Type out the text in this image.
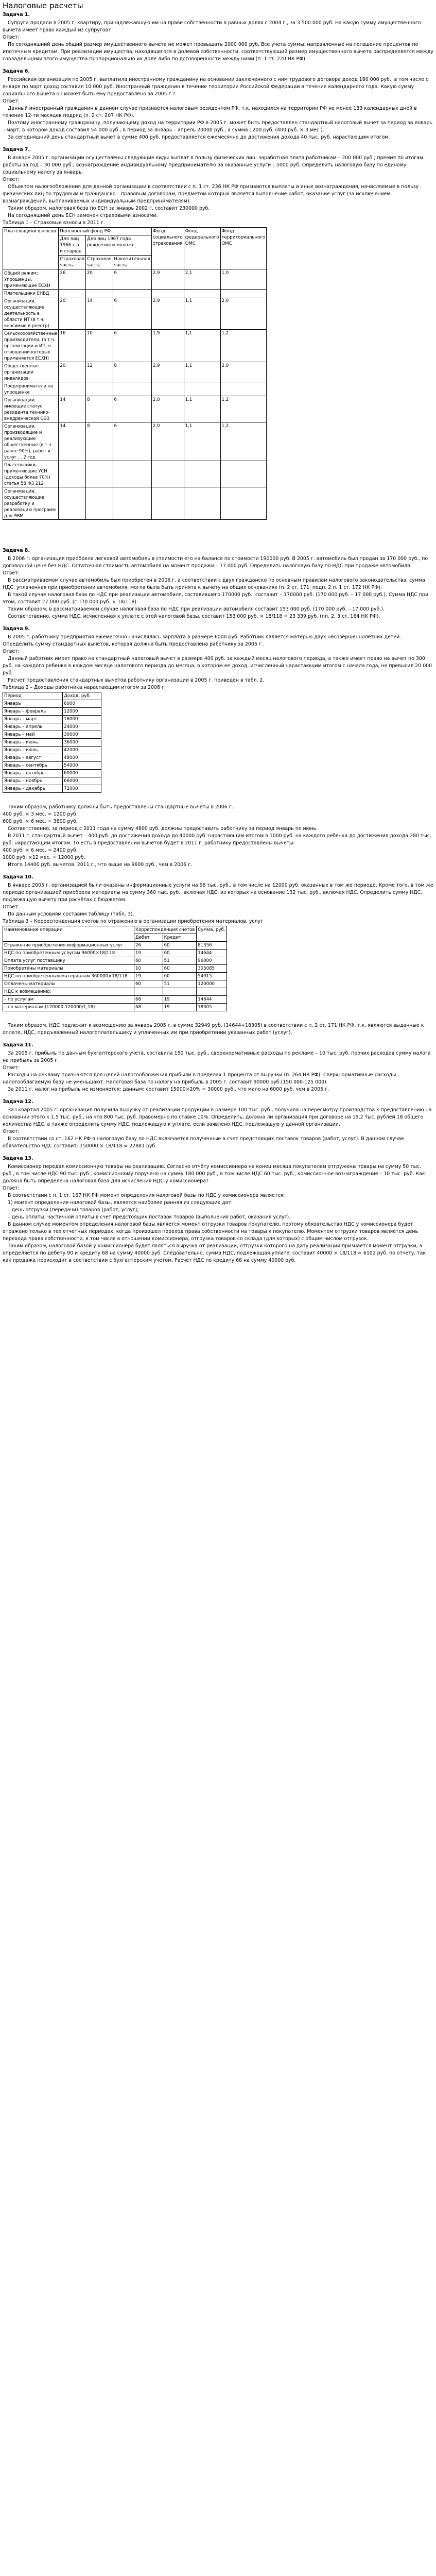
Налоговые расчеты

Задача 1.

Супруги продали в 2005 г. квартиру, принадлежавшую им на праве собственности в равных долях с 2004 г., за 3 500 000 руб. На какую сумму имущественного вычета имеет право каждый из супругов?

Ответ:

По сегодняшний день общий размер имущественного вычета не может превышать 2000 000 руб. Все учета суммы, направленные на погашение процентов по ипотечным кредитам. При реализации имущества, находящегося в долевой собственности, соответствующий размер имущественного вычета распределяется между совладельцами этого имущества пропорционально их доле либо по договоренности между ними (п. 1 ст. 220 НК РФ).

Задача 6.

Российская организация по 2005 г. выплатила иностранному гражданину на основании заключенного с ним трудового договора доход 180 000 руб., в том числе с января по март доход составил 10 000 руб. Иностранный гражданин в течение территории Российской Федерации в течение календарного года. Какую сумму социального вычета он может быть ему предоставлено за 2005 г.?

Ответ:

Данный иностранный гражданин в данном случае признается налоговым резидентом РФ, т.к. находился на территории РФ не менее 183 календарных дней в течение 12-ти месяцев подряд (п. 2 ст. 207 НК РФ).

Поэтому иностранному гражданину, получающему доход на территории РФ в 2005 г. может быть предоставлен стандартный налоговый вычет за период за январь – март, в котором доход составил 54 000 руб., в период за январь – апрель 20000 руб., а сумма 1200 руб. (400 руб. × 3 мес.).

За сегодняшний день стандартный вычет в сумме 400 руб. предоставляется ежемесячно до достижения дохода 40 тыс. руб. нарастающим итогом.

Задача 7.

В январе 2005 г. организации осуществлены следующие виды выплат в пользу физических лиц: заработная плата работникам – 200 000 руб.; премия по итогам работы за год – 30 000 руб.; вознаграждение индивидуальному предпринимателю за оказанные услуги – 5000 руб. Определить налоговую базу по единому социальному налогу за январь.

Ответ:

Объектом налогообложения для данной организации в соответствии с п. 1 ст. 236 НК РФ признаются выплаты и иные вознаграждения, начисляемые в пользу физических лиц по трудовым и гражданско – правовым договорам, предметом которых является выполнение работ, оказание услуг (за исключением вознаграждений, выплачиваемых индивидуальным предпринимателям).

Таким образом, налоговая база по ЕСН за январь 2002 г. составит 230000 руб.

На сегодняшний день ЕСН заменен страховыми взносами.

Таблица 1 – Страховые взносы в 2011 г.

Плательщики взносов	Пенсионный фонд РФ			Фонд социального страхования	Фонд федерального ОМС	Фонд территориального ОМС
	Для лиц 1966 г.р. и старше	Для лиц 1967 года рождения и моложе				
	Страховая часть	Страховая часть	Накопительная часть			
Общий режим; Упрощенцы, применяющие ЕСХН	26	20	6	2,9	2,1	1,0
Плательщики ЕНВД						
Организации, осуществляющие деятельность в области ИТ (в т.ч. вносимые в реестр)	20	14	6	2,9	1,1	2,0
Сельскохозяйственные производители, (в т.ч. организации и ИП, в отношении которых применяется ЕСХН)	16	10	6	1,9	1,1	1,2
Общественные организации инвалидов	20	12	8	2,9	1,1	2,0
Предприниматели на упрощенке						
Организации, имеющие статус резидента технико-внедренческой ОЭЗ	14	8	6	2,0	1,1	1,2
Организации, производящие и реализующие общественные (в т.ч. ранее 90%), работ и услуг ... 2 год	14	8	6	2,0	1,1	1,2
Плательщики, применяющие УСН (доходы более 70%) статья 58 ФЗ 212						
Организации, осуществляющие разработку и реализацию программ для ЭВМ						

Задача 8.

В 2006 г. организация приобрела легковой автомобиль в стоимости его на балансе по стоимости 190000 руб. В 2005 г. автомобиль был продан за 170 000 руб., по договорной цене без НДС. Остаточная стоимость автомобиля на момент продажи – 17 000 руб. Определить налоговую базу по НДС при продаже автомобиля.

Ответ:

В рассматриваемом случае автомобиль был приобретен в 2006 г. а соответствии с двух гражданско по основным правилам налогового законодательства, сумма НДС, уплаченная при приобретении автомобиля, могла была быть принята к вычету на общих основаниях (п. 2 ст. 171, подп. 2 п. 1 ст. 172 НК РФ).

В такой случае налоговая база по НДС при реализации автомобиля, составившего 170000 руб., составит – 170000 руб. (170 000 руб. – 17 000 руб.). Сумма НДС при этом, составит 27 000 руб. (с 170 000 руб. × 18/118).

Таким образом, в рассматриваемом случае налоговая база по НДС при реализации автомобиля составит 153 000 руб. (170 000 руб. – 17 000 руб.).

Соответственно, сумма НДС, исчисленная к уплате с этой налоговой базы, составит 153 000 руб. × 18/118 = 23 339 руб. (пп. 2, 3 ст. 164 НК РФ).

Задача 9.

В 2005 г. работнику предприятия ежемесячно начислялась зарплата в размере 6000 руб. Работник является матерью двух несовершеннолетних детей. Определить сумму стандартных вычетов, которая должна быть предоставлена работнику за 2005 г.

Ответ:

Данный работник имеет право на стандартный налоговый вычет в размере 400 руб. за каждый месяц налогового периода, а также имеет право на вычет по 300 руб. на каждого ребенка в каждом месяце налогового периода до месяца, в котором ее доход, исчисленный нарастающим итогом с начала года, не превысил 20 000 руб.

Расчет предоставления стандартных вычетов работнику организации в 2005 г. приведен в табл. 2.

Таблица 2 – Доходы работника нарастающим итогом за 2006 г.

Период	Доход, руб.
Январь	6000
Январь – февраль	12000
Январь – март	18000
Январь – апрель	24000
Январь – май	30000
Январь – июнь	36000
Январь – июль	42000
Январь – август	48000
Январь – сентябрь	54000
Январь – октябрь	60000
Январь – ноябрь	66000
Январь – декабрь	72000

Таким образом, работнику должны быть предоставлены стандартные вычеты в 2006 г.:

400 руб. × 3 мес. = 1200 руб.

600 руб. × 6 мес. = 3600 руб.

Соответственно, за период с 2011 года на сумму 4800 руб. должны предоставить работнику за период январь по июнь.

В 2011 г. стандартный вычет – 400 руб. до достижения дохода до 40000 руб. нарастающим итогом в 1000 руб. на каждого ребенка до достижения дохода 280 тыс. руб. нарастающим итогом. То есть в предоставлении вычетов будет в 2011 г. работнику предоставлены вычеты:

400 руб. × 6 мес. = 2400 руб.

1000 руб. ×12 мес. = 12000 руб.

Итого 14400 руб. вычетов. 2011 г., что выше на 9600 руб., чем в 2006 г.

Задача 10.

В январе 2005 г. организацией были оказаны информационные услуги на 96 тыс. руб., в том числе на 12000 руб. оказанных в том же периоде. Кроме того, в том же периоде организацией приобрела материалы на сумму 360 тыс. руб., включая НДС, из которых на основание 132 тыс. руб., включая НДС. Определить сумму НДС, подлежащую вычету при расчётах с бюджетом.

Ответ:

По данным условиям составим таблицу (табл. 3).

Таблица 3 – Корреспонденция счетов по отражению в организации приобретения материалов, услуг

Наименование операции	Корреспонденция счетов		Сумма, руб.
	Дебет	Кредит	
Отражение приобретения информационных услуг	26	60	81356
НДС по приобретенным услугам 96000×18/118	19	60	14644
Оплата услуг поставщику	60	51	96000
Приобретены материалы	10	60	305085
НДС по приобретенным материалам 360000×18/118	19	60	54915
Оплачены материалы	60	51	120000
НДС к возмещению:			
– по услугам	68	19	14644
– по материалам (120000-120000/1,18)	68	19	18305

Таким образом, НДС подлежит к возмещению за январь 2005 г. в сумме 32949 руб. (14644+18305) в соответствии с п. 2 ст. 171 НК РФ, т.к. являются выданные к оплате, НДС, предъявленный налогоплательщику и уплаченных им при приобретении указанных работ (услуг).

Задача 11.

За 2005 г. прибыль по данным бухгалтерского учета, составила 150 тыс. руб., сверхнормативные расходы по рекламе – 10 тыс. руб. прочих расходов сумму налога на прибыль за 2005 г.

Ответ:

Расходы на рекламу признаются для целей налогообложения прибыли в пределах 1 процента от выручки (п. 264 НК РФ). Сверхнормативные расходы налогооблагаемую базу не уменьшают. Налоговая база по налогу на прибыль в 2005 г. составит 90000 руб.(150 000-125 000).

За 2011 г. налог на прибыль не изменяется: данным: составит 15000×20% = 30000 руб., что мало на 6000 руб. чем в 2005 г.

Задача 12.

За I квартал 2005 г. организация получила выручку от реализации продукции в размере 100 тыс. руб., получила на пересмотру производства к предоставлению на основании этого к 1.5 тыс. руб., на что 800 тыс. руб. правомерно по ставке 10%. Определить, должна ли организация при договоре на 19,2 тыс. рублей 18 общего количества НДС, а также определить сумму НДС, подлежащую к уплате, если заявлено НДС, подлежащую у данной организации.

Ответ:

В соответствии со ст. 162 НК РФ в налоговую базу по НДС включается полученные в счет предстоящих поставок товаров (работ, услуг). В данном случае обязательство НДС составит: 150000 × 18/118 = 22881 руб.

Задача 13.

Комиссионер передал комиссионную товары на реализацию. Согласно отчёту комиссионера на конец месяца покупателем отгружены товары на сумму 50 тыс. руб., в том числе НДС 90 тыс. руб., комиссионному поручено на сумму 180 000 руб., в том числе НДС 60 тыс. руб., комиссионное вознаграждение – 10 тыс. руб. Как должна быть определена налоговая база для исчисления НДС у комиссионера?

Ответ:

В соответствии с п. 1 ст. 167 НК РФ момент определения налоговой базы по НДС у комиссионера является:

1) момент определения налоговой базы, является наиболее ранняя из следующих дат:

– день отгрузки (передачи) товаров (работ, услуг);

– день оплаты, частичной оплаты в счет предстоящих поставок товаров (выполнения работ, оказания услуг).

В данном случае моментом определения налоговой базы является момент отгрузки товаров покупателю, поэтому обязательство НДС у комиссионера будет отражено только в тех отчетных периодах, когда произошел переход права собственности на товары к покупателю. Моментом отгрузки товаров является день перехода права собственности, в том числе в отношении комиссионера, отгрузка товаров со склада (для которых) с общим числом отгрузок.

Таким образом, налоговой базой у комиссионера будет являться выручка от реализации, отгрузки которого на дату реализации признается момент отгрузки, а определяется по дебету 90 и кредиту 68 на сумму 40000 руб. Следовательно, сумма НДС, подлежащая уплате, составит 40000 × 18/118 = 6102 руб. по отчету, так как продажа происходит в соответствии с бухгалтерским учетом. Расчет НДС по кредиту 68 на сумму 40000 руб.
